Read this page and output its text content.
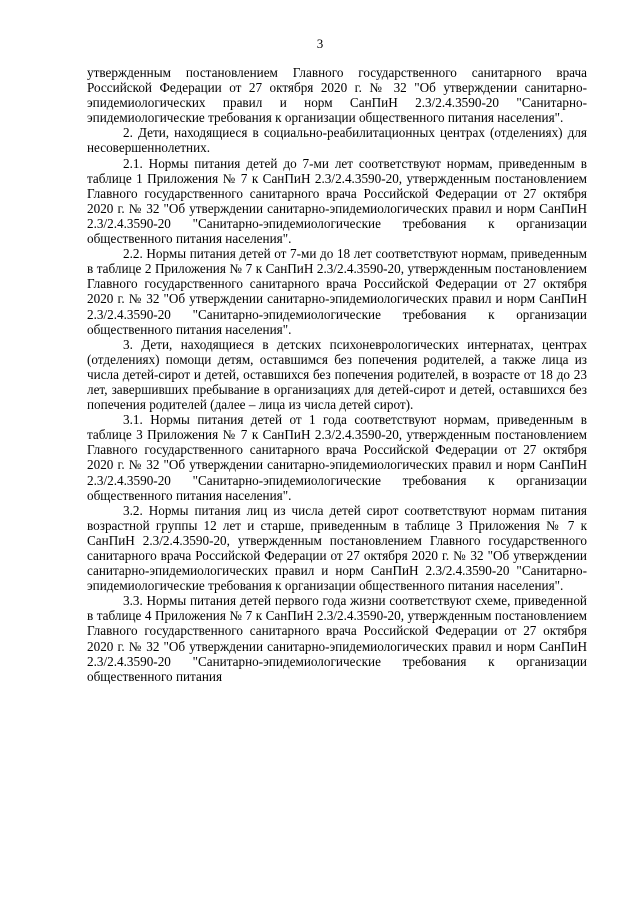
3

утвержденным постановлением Главного государственного санитарного врача Российской Федерации от 27 октября 2020 г. № 32 "Об утверждении санитарно-эпидемиологических правил и норм СанПиН 2.3/2.4.3590-20 "Санитарно-эпидемиологические требования к организации общественного питания населения".

2. Дети, находящиеся в социально-реабилитационных центрах (отделениях) для несовершеннолетних.

2.1. Нормы питания детей до 7-ми лет соответствуют нормам, приведенным в таблице 1 Приложения № 7 к СанПиН 2.3/2.4.3590-20, утвержденным постановлением Главного государственного санитарного врача Российской Федерации от 27 октября 2020 г. № 32 "Об утверждении санитарно-эпидемиологических правил и норм СанПиН 2.3/2.4.3590-20 "Санитарно-эпидемиологические требования к организации общественного питания населения".

2.2. Нормы питания детей от 7-ми до 18 лет соответствуют нормам, приведенным в таблице 2 Приложения № 7 к СанПиН 2.3/2.4.3590-20, утвержденным постановлением Главного государственного санитарного врача Российской Федерации от 27 октября 2020 г. № 32 "Об утверждении санитарно-эпидемиологических правил и норм СанПиН 2.3/2.4.3590-20 "Санитарно-эпидемиологические требования к организации общественного питания населения".

3. Дети, находящиеся в детских психоневрологических интернатах, центрах (отделениях) помощи детям, оставшимся без попечения родителей, а также лица из числа детей-сирот и детей, оставшихся без попечения родителей, в возрасте от 18 до 23 лет, завершивших пребывание в организациях для детей-сирот и детей, оставшихся без попечения родителей (далее – лица из числа детей сирот).

3.1. Нормы питания детей от 1 года соответствуют нормам, приведенным в таблице 3 Приложения № 7 к СанПиН 2.3/2.4.3590-20, утвержденным постановлением Главного государственного санитарного врача Российской Федерации от 27 октября 2020 г. № 32 "Об утверждении санитарно-эпидемиологических правил и норм СанПиН 2.3/2.4.3590-20 "Санитарно-эпидемиологические требования к организации общественного питания населения".

3.2. Нормы питания лиц из числа детей сирот соответствуют нормам питания возрастной группы 12 лет и старше, приведенным в таблице 3 Приложения № 7 к СанПиН 2.3/2.4.3590-20, утвержденным постановлением Главного государственного санитарного врача Российской Федерации от 27 октября 2020 г. № 32 "Об утверждении санитарно-эпидемиологических правил и норм СанПиН 2.3/2.4.3590-20 "Санитарно-эпидемиологические требования к организации общественного питания населения".

3.3. Нормы питания детей первого года жизни соответствуют схеме, приведенной в таблице 4 Приложения № 7 к СанПиН 2.3/2.4.3590-20, утвержденным постановлением Главного государственного санитарного врача Российской Федерации от 27 октября 2020 г. № 32 "Об утверждении санитарно-эпидемиологических правил и норм СанПиН 2.3/2.4.3590-20 "Санитарно-эпидемиологические требования к организации общественного питания
